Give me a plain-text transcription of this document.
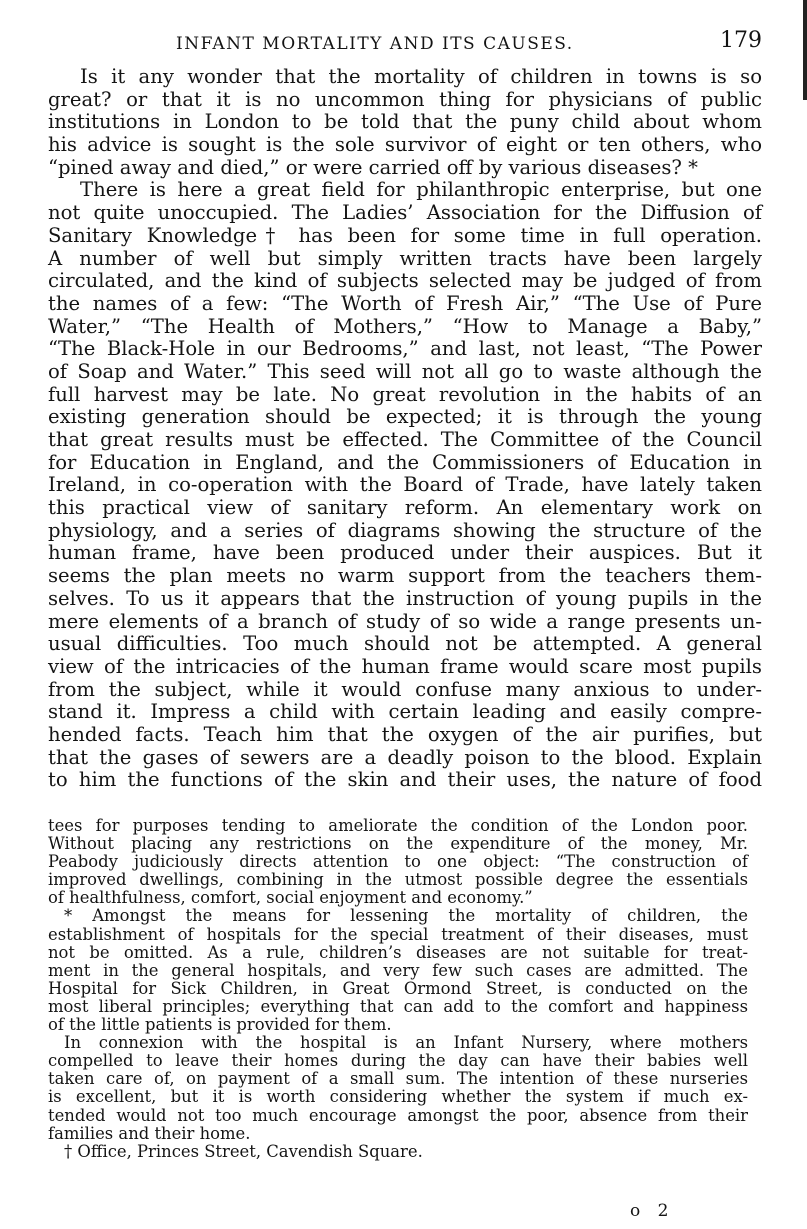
INFANT MORTALITY AND ITS CAUSES.	179
Is it any wonder that the mortality of children in towns is so
great? or that it is no uncommon thing for physicians of public
institutions in London to be told that the puny child about whom
his advice is sought is the sole survivor of eight or ten others, who
“pined away and died,” or were carried off by various diseases? *
There is here a great field for philanthropic enterprise, but one
not quite unoccupied. The Ladies’ Association for the Diffusion of
Sanitary Knowledge† has been for some time in full operation.
A number of well but simply written tracts have been largely
circulated, and the kind of subjects selected may be judged of from
the names of a few: “The Worth of Fresh Air,” “The Use of Pure
Water,” “The Health of Mothers,” “How to Manage a Baby,”
“The Black-Hole in our Bedrooms,” and last, not least, “The Power
of Soap and Water.” This seed will not all go to waste although the
full harvest may be late. No great revolution in the habits of an
existing generation should be expected; it is through the young
that great results must be effected. The Committee of the Council
for Education in England, and the Commissioners of Education in
Ireland, in co-operation with the Board of Trade, have lately taken
this practical view of sanitary reform. An elementary work on
physiology, and a series of diagrams showing the structure of the
human frame, have been produced under their auspices. But it
seems the plan meets no warm support from the teachers them-
selves. To us it appears that the instruction of young pupils in the
mere elements of a branch of study of so wide a range presents un-
usual difficulties. Too much should not be attempted. A general
view of the intricacies of the human frame would scare most pupils
from the subject, while it would confuse many anxious to under-
stand it. Impress a child with certain leading and easily compre-
hended facts. Teach him that the oxygen of the air purifies, but
that the gases of sewers are a deadly poison to the blood. Explain
to him the functions of the skin and their uses, the nature of food
tees for purposes tending to ameliorate the condition of the London poor.
Without placing any restrictions on the expenditure of the money, Mr.
Peabody judiciously directs attention to one object: “The construction of
improved dwellings, combining in the utmost possible degree the essentials
of healthfulness, comfort, social enjoyment and economy.”
* Amongst the means for lessening the mortality of children, the
establishment of hospitals for the special treatment of their diseases, must
not be omitted. As a rule, children’s diseases are not suitable for treat-
ment in the general hospitals, and very few such cases are admitted. The
Hospital for Sick Children, in Great Ormond Street, is conducted on the
most liberal principles; everything that can add to the comfort and happiness
of the little patients is provided for them.
In connexion with the hospital is an Infant Nursery, where mothers
compelled to leave their homes during the day can have their babies well
taken care of, on payment of a small sum. The intention of these nurseries
is excellent, but it is worth considering whether the system if much ex-
tended would not too much encourage amongst the poor, absence from their
families and their home.
† Office, Princes Street, Cavendish Square.
o 2
